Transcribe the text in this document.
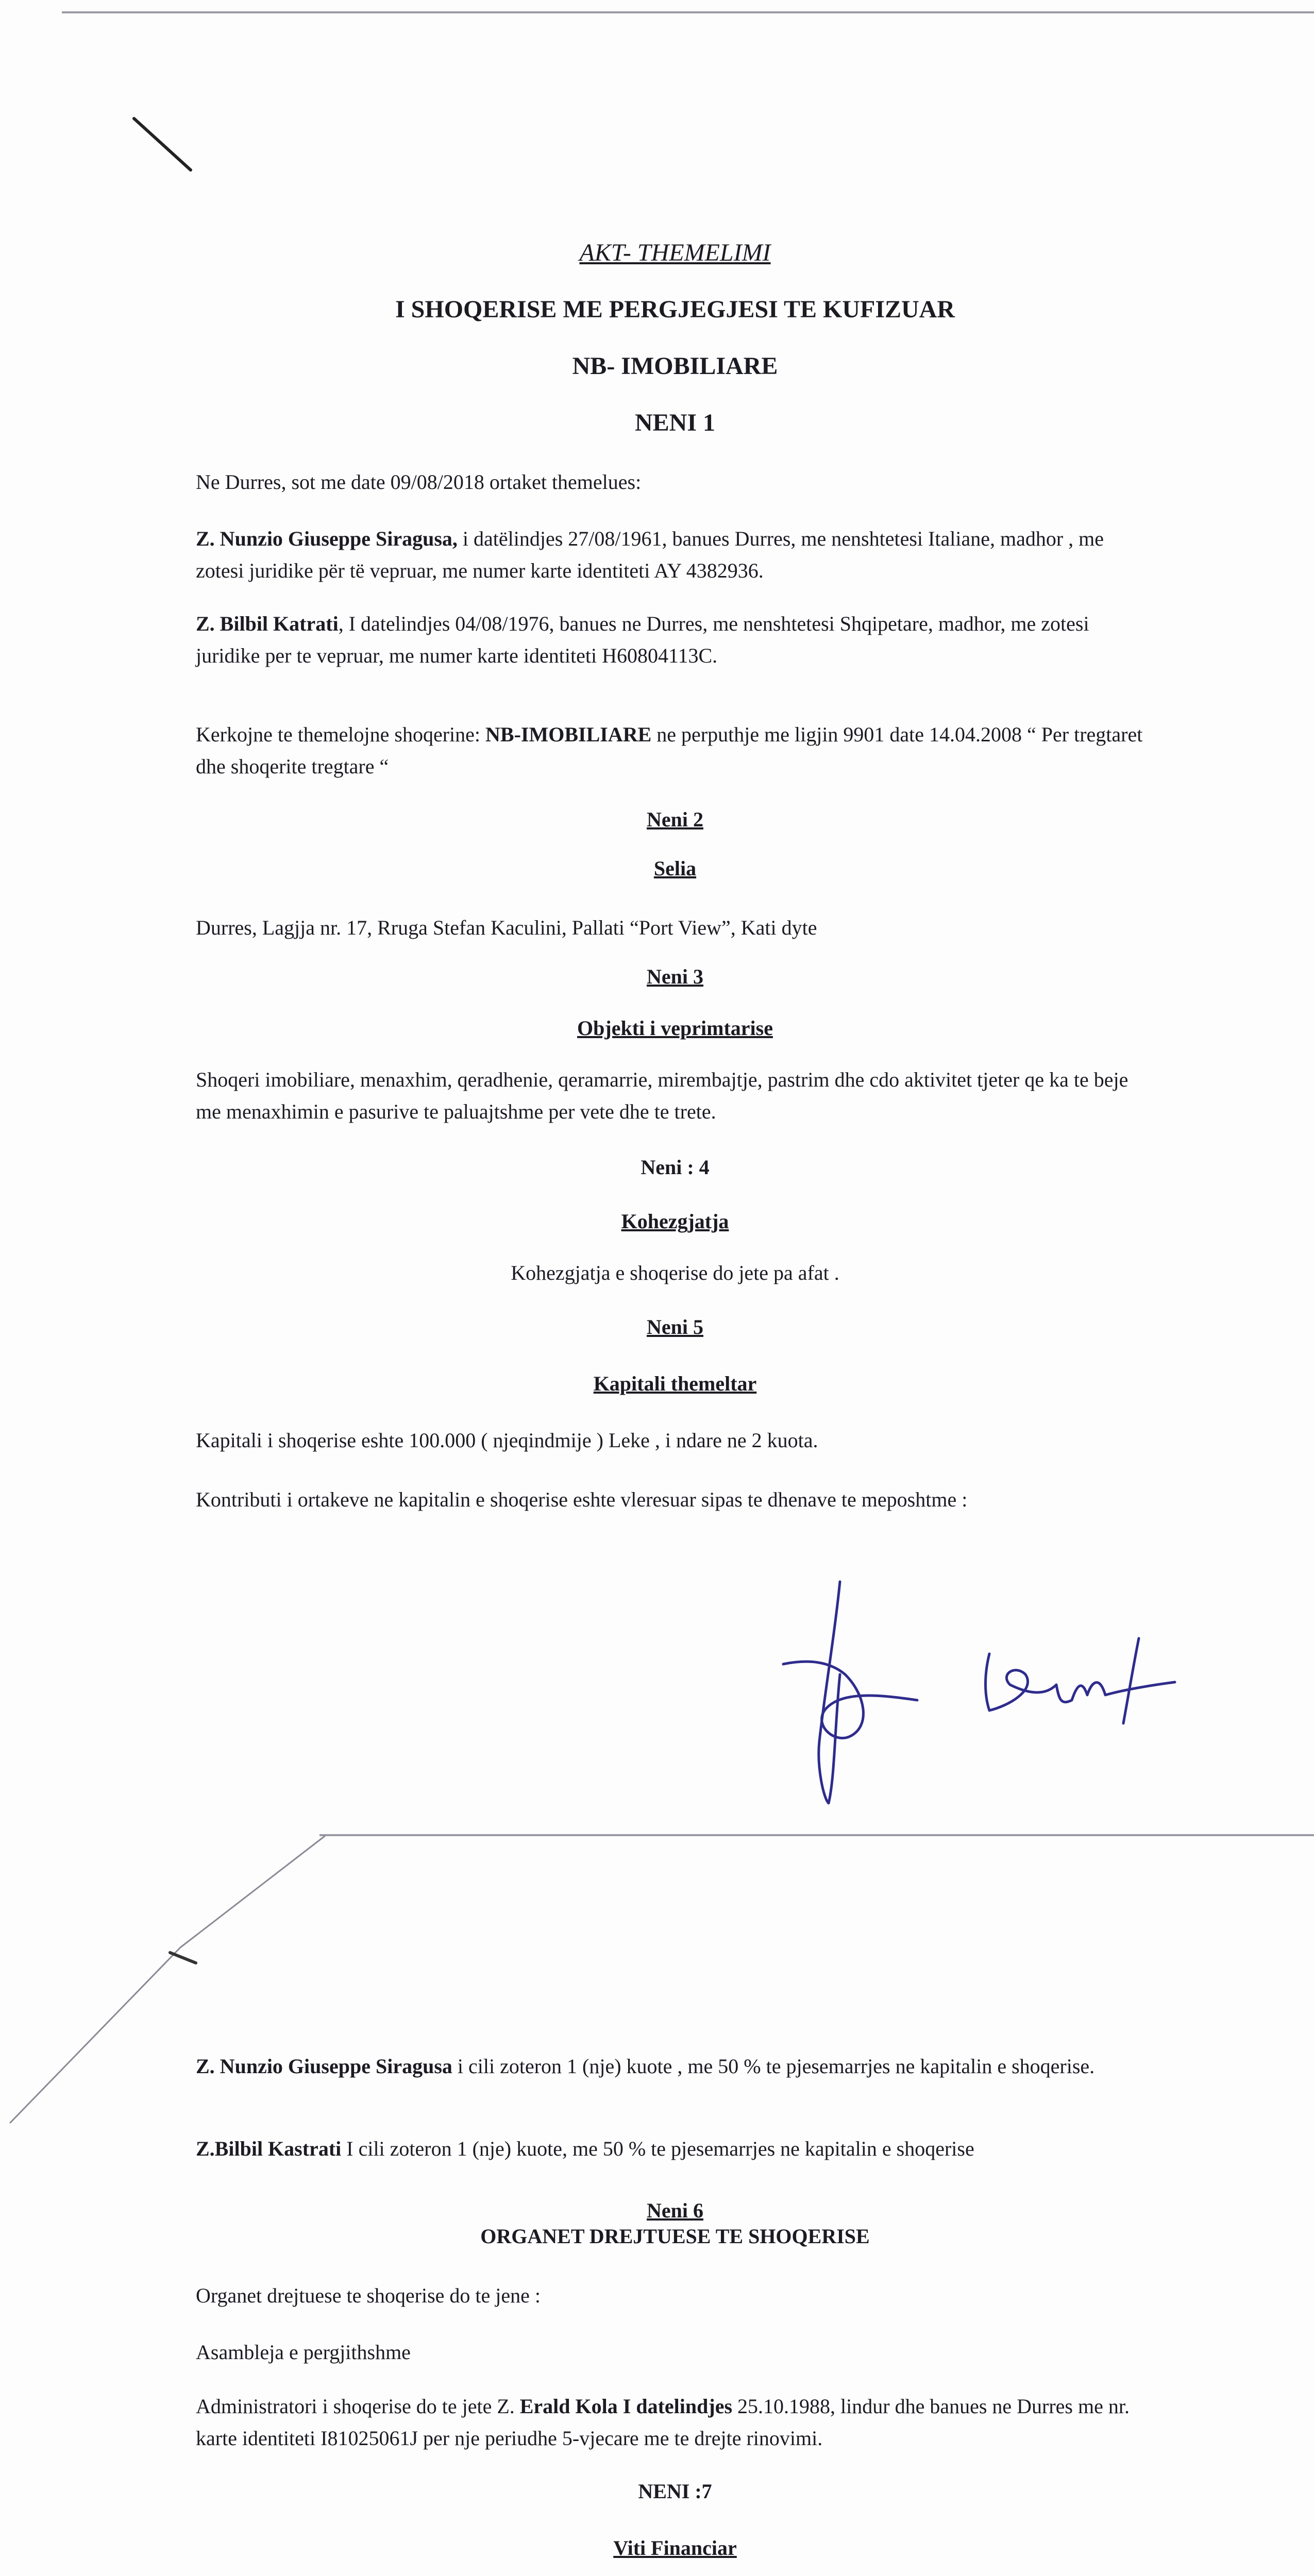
AKT- THEMELIMI

I SHOQERISE ME PERGJEGJESI TE KUFIZUAR

NB- IMOBILIARE

NENI 1

Ne Durres, sot me date 09/08/2018 ortaket themelues:

Z. Nunzio Giuseppe Siragusa, i datëlindjes 27/08/1961, banues Durres, me nenshtetesi Italiane, madhor , me zotesi juridike për të vepruar, me numer karte identiteti AY 4382936.

Z. Bilbil Katrati, I datelindjes 04/08/1976, banues ne Durres, me nenshtetesi Shqipetare, madhor, me zotesi juridike per te vepruar, me numer karte identiteti H60804113C.

Kerkojne te themelojne shoqerine: NB-IMOBILIARE ne perputhje me ligjin 9901 date 14.04.2008 “ Per tregtaret dhe shoqerite tregtare “

Neni 2

Selia

Durres, Lagjja nr. 17, Rruga Stefan Kaculini, Pallati “Port View”, Kati dyte

Neni 3

Objekti i veprimtarise

Shoqeri imobiliare, menaxhim, qeradhenie, qeramarrie, mirembajtje, pastrim dhe cdo aktivitet tjeter qe ka te beje me menaxhimin e pasurive te paluajtshme per vete dhe te trete.

Neni : 4

Kohezgjatja

Kohezgjatja e shoqerise do jete pa afat .

Neni 5

Kapitali themeltar

Kapitali i shoqerise eshte 100.000 ( njeqindmije ) Leke , i ndare ne 2 kuota.

Kontributi i ortakeve ne kapitalin e shoqerise eshte vleresuar sipas te dhenave te meposhtme :

Z. Nunzio Giuseppe Siragusa i cili zoteron 1 (nje) kuote , me 50 % te pjesemarrjes ne kapitalin e shoqerise.

Z.Bilbil Kastrati I cili zoteron 1 (nje) kuote, me 50 % te pjesemarrjes ne kapitalin e shoqerise

Neni 6

ORGANET DREJTUESE TE SHOQERISE

Organet drejtuese te shoqerise do te jene :

Asambleja e pergjithshme

Administratori i shoqerise do te jete Z. Erald Kola I datelindjes 25.10.1988, lindur dhe banues ne Durres me nr. karte identiteti I81025061J per nje periudhe 5-vjecare me te drejte rinovimi.

NENI :7

Viti Financiar
